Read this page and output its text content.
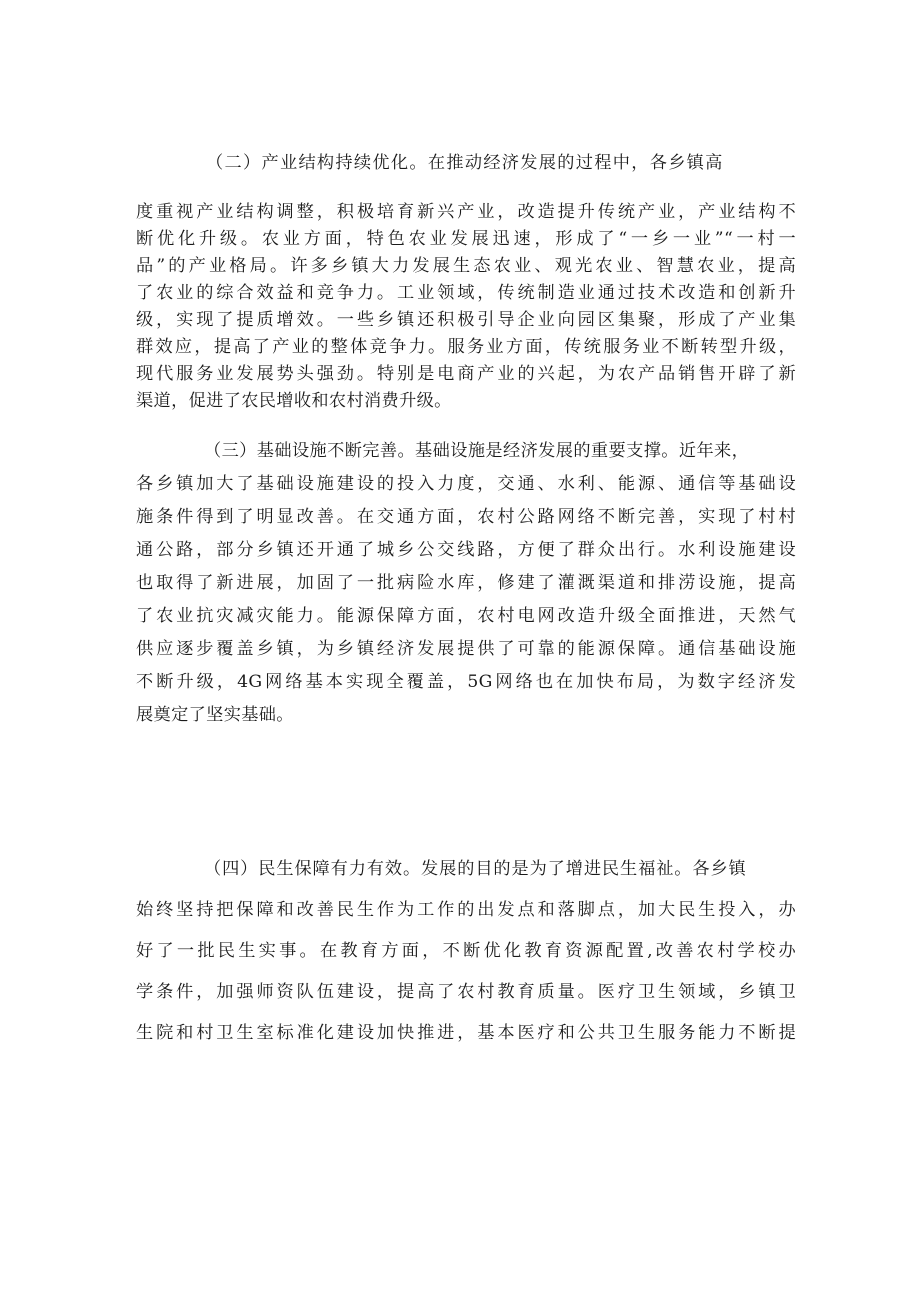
（二）产业结构持续优化。在推动经济发展的过程中，各乡镇高
度重视产业结构调整，积极培育新兴产业，改造提升传统产业，产业结构不
断优化升级。农业方面，特色农业发展迅速，形成了“一乡一业”“一村一
品”的产业格局。许多乡镇大力发展生态农业、观光农业、智慧农业，提高
了农业的综合效益和竞争力。工业领域，传统制造业通过技术改造和创新升
级，实现了提质增效。一些乡镇还积极引导企业向园区集聚，形成了产业集
群效应，提高了产业的整体竞争力。服务业方面，传统服务业不断转型升级，
现代服务业发展势头强劲。特别是电商产业的兴起，为农产品销售开辟了新
渠道，促进了农民增收和农村消费升级。
（三）基础设施不断完善。基础设施是经济发展的重要支撑。近年来，
各乡镇加大了基础设施建设的投入力度，交通、水利、能源、通信等基础设
施条件得到了明显改善。在交通方面，农村公路网络不断完善，实现了村村
通公路，部分乡镇还开通了城乡公交线路，方便了群众出行。水利设施建设
也取得了新进展，加固了一批病险水库，修建了灌溉渠道和排涝设施，提高
了农业抗灾减灾能力。能源保障方面，农村电网改造升级全面推进，天然气
供应逐步覆盖乡镇，为乡镇经济发展提供了可靠的能源保障。通信基础设施
不断升级，4G网络基本实现全覆盖，5G网络也在加快布局，为数字经济发
展奠定了坚实基础。
（四）民生保障有力有效。发展的目的是为了增进民生福祉。各乡镇
始终坚持把保障和改善民生作为工作的出发点和落脚点，加大民生投入，办
好了一批民生实事。在教育方面，不断优化教育资源配置,改善农村学校办
学条件，加强师资队伍建设，提高了农村教育质量。医疗卫生领域，乡镇卫
生院和村卫生室标准化建设加快推进，基本医疗和公共卫生服务能力不断提
